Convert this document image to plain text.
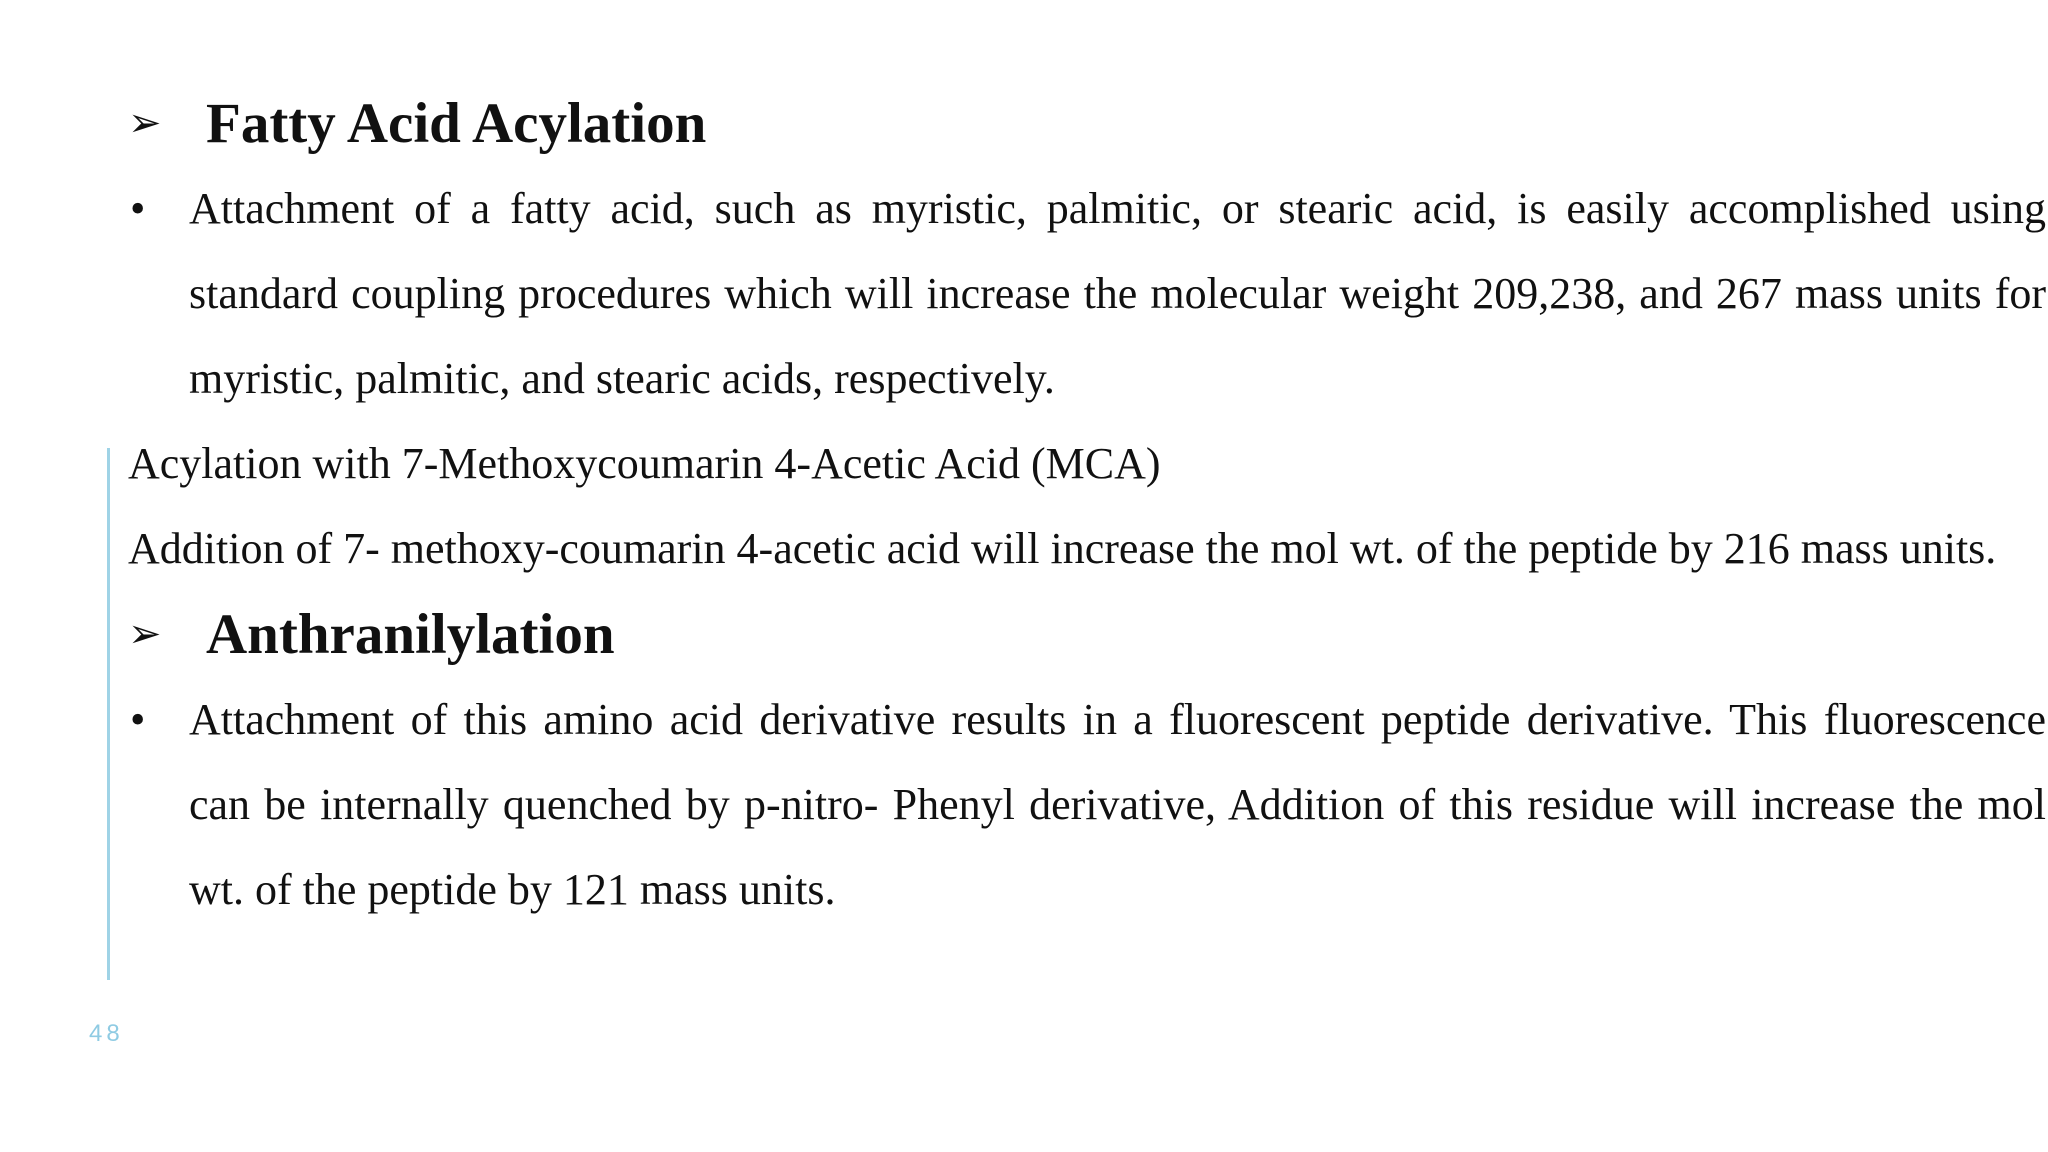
➢ Fatty Acid Acylation
• Attachment of a fatty acid, such as myristic, palmitic, or stearic acid, is easily accomplished using standard coupling procedures which will increase the molecular weight 209,238, and 267 mass units for myristic, palmitic, and stearic acids, respectively.

Acylation with 7-Methoxycoumarin 4-Acetic Acid (MCA)

Addition of 7- methoxy-coumarin 4-acetic acid will increase the mol wt. of the peptide by 216 mass units.

➢ Anthranilylation
• Attachment of this amino acid derivative results in a fluorescent peptide derivative. This fluorescence can be internally quenched by p-nitro- Phenyl derivative, Addition of this residue will increase the mol wt. of the peptide by 121 mass units.
48
